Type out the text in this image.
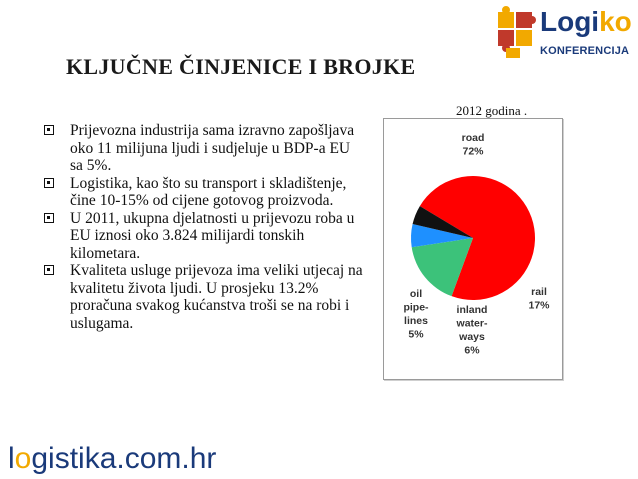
Logiko
KONFERENCIJA
KLJUČNE ČINJENICE I BROJKE
Prijevozna industrija sama izravno zapošljava oko 11 milijuna ljudi i sudjeluje u BDP-a EU sa 5%.
Logistika, kao što su transport i skladištenje, čine 10-15% od cijene gotovog proizvoda.
U 2011, ukupna djelatnosti u prijevozu roba u EU iznosi oko 3.824 milijardi tonskih kilometara.
Kvaliteta usluge prijevoza ima veliki utjecaj na kvalitetu života ljudi. U prosjeku 13.2% proračuna svakog kućanstva troši se na robi i uslugama.
2012 godina .
road 72%
rail 17%
inland water-ways 6%
oil pipe-lines 5%
logistika.com.hr
